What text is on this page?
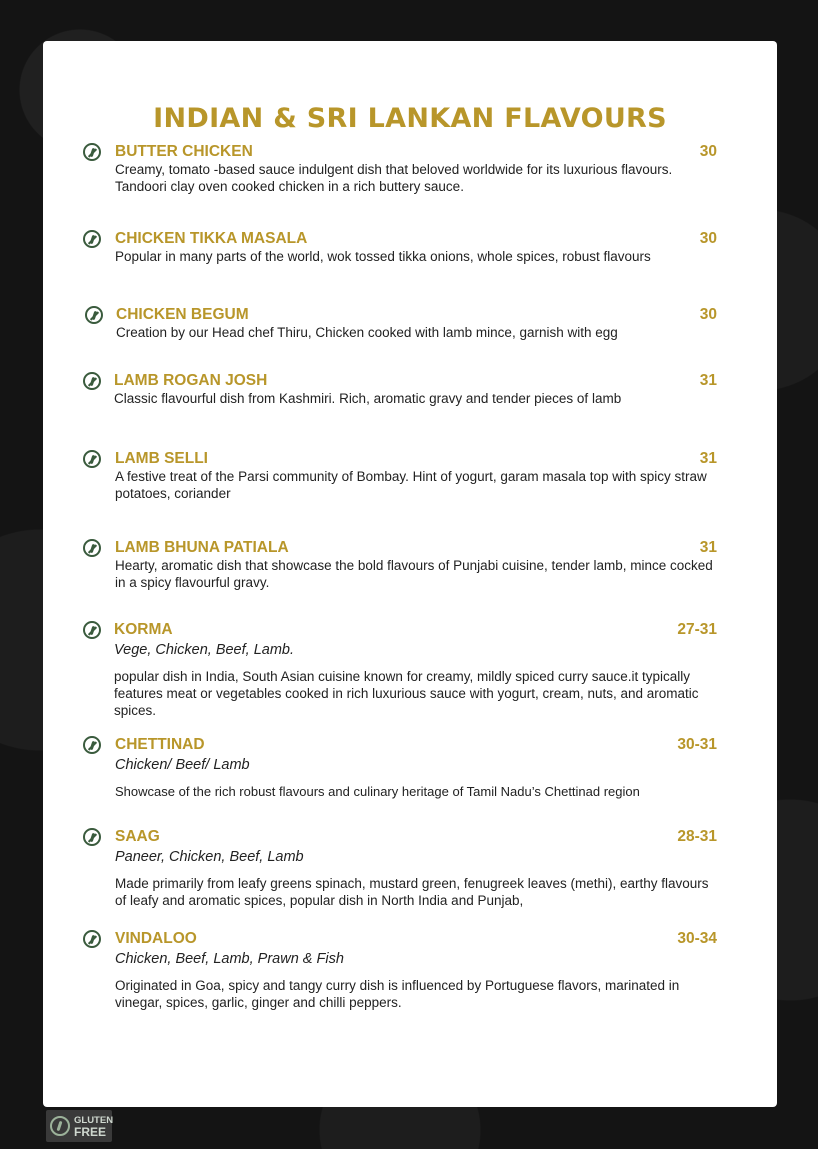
INDIAN & SRI LANKAN FLAVOURS
BUTTER CHICKEN	30
Creamy, tomato -based sauce indulgent dish that beloved worldwide for its luxurious flavours. Tandoori clay oven cooked chicken in a rich buttery sauce.
CHICKEN TIKKA MASALA	30
Popular in many parts of the world, wok tossed tikka onions, whole spices, robust flavours
CHICKEN BEGUM	30
Creation by our Head chef Thiru, Chicken cooked with lamb mince, garnish with egg
LAMB ROGAN JOSH	31
Classic flavourful dish from Kashmiri. Rich, aromatic gravy and tender pieces of lamb
LAMB SELLI	31
A festive treat of the Parsi community of Bombay. Hint of yogurt, garam masala top with spicy straw potatoes, coriander
LAMB BHUNA PATIALA	31
Hearty, aromatic dish that showcase the bold flavours of Punjabi cuisine, tender lamb, mince cocked in a spicy flavourful gravy.
KORMA	27-31
Vege, Chicken, Beef, Lamb.
popular dish in India, South Asian cuisine known for creamy, mildly spiced curry sauce.it typically features meat or vegetables cooked in rich luxurious sauce with yogurt, cream, nuts, and aromatic spices.
CHETTINAD	30-31
Chicken/ Beef/ Lamb
Showcase of the rich robust flavours and culinary heritage of Tamil Nadu’s Chettinad region
SAAG	28-31
Paneer, Chicken, Beef, Lamb
Made primarily from leafy greens spinach, mustard green, fenugreek leaves (methi), earthy flavours of leafy and aromatic spices, popular dish in North India and Punjab,
VINDALOO	30-34
Chicken, Beef, Lamb, Prawn & Fish
Originated in Goa, spicy and tangy curry dish is influenced by Portuguese flavors, marinated in vinegar, spices, garlic, ginger and chilli peppers.
GLUTEN
FREE
